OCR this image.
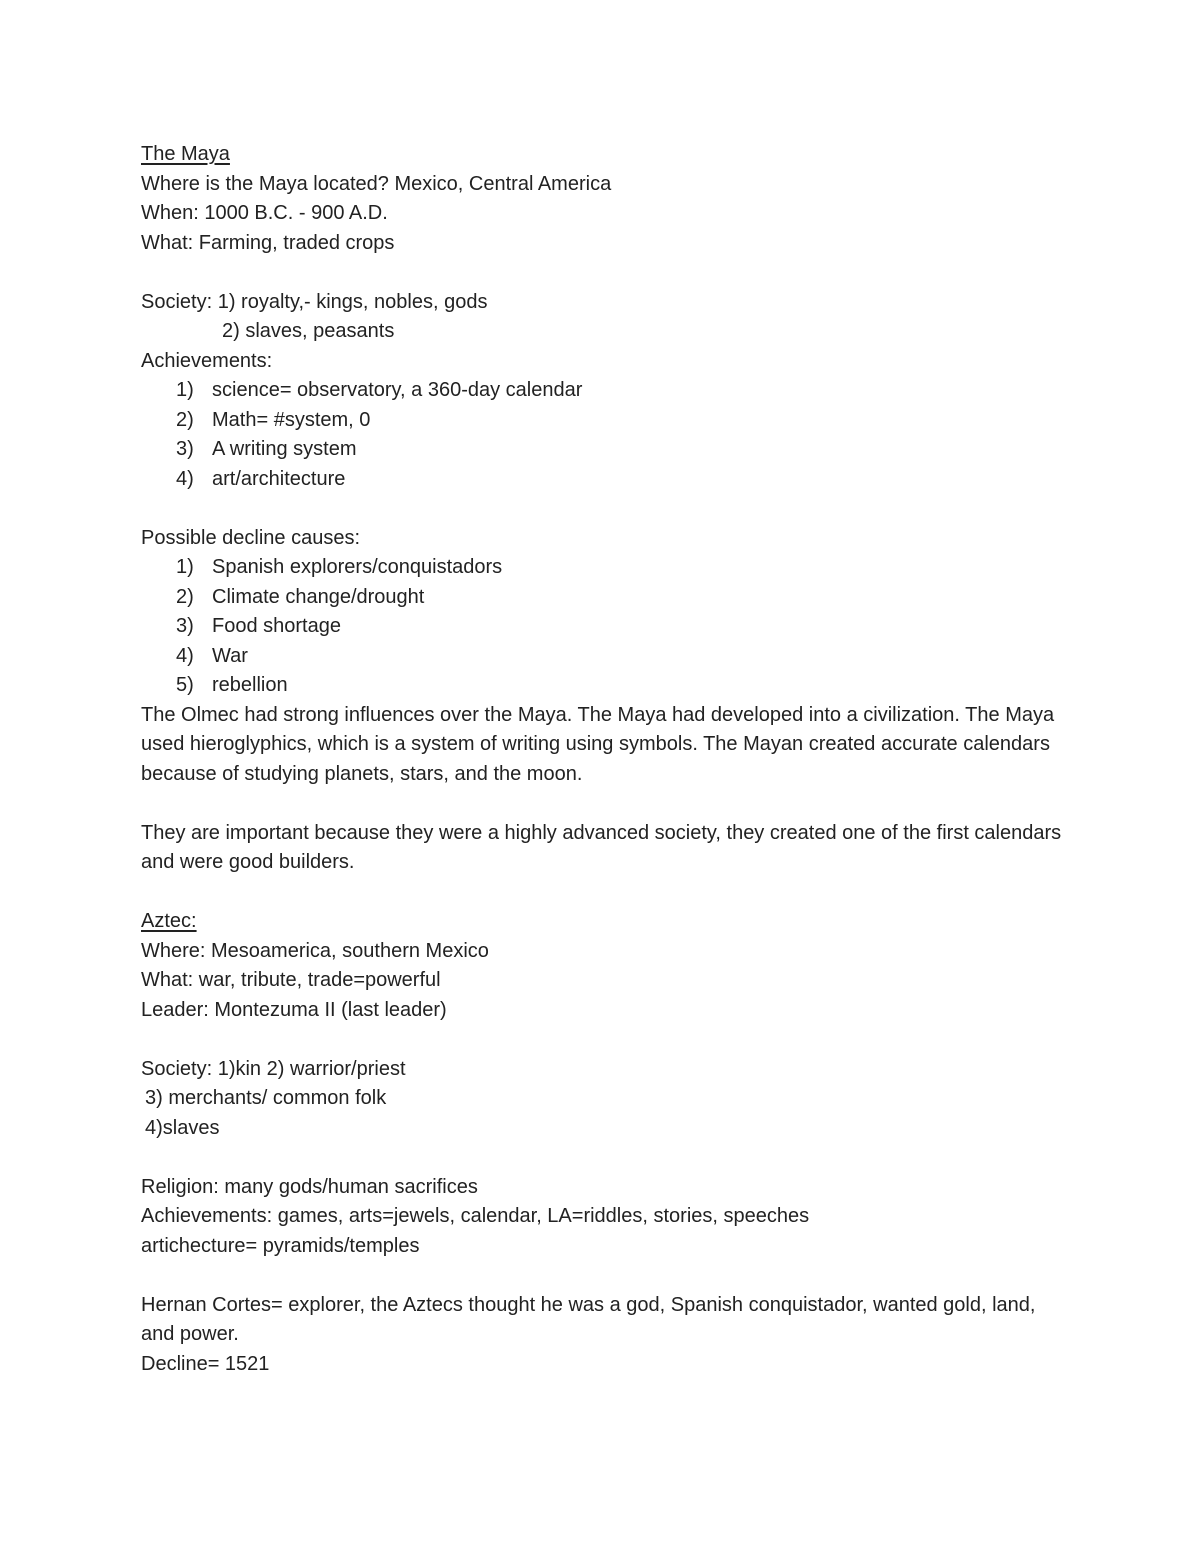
The Maya
Where is the Maya located? Mexico, Central America
When: 1000 B.C. - 900 A.D.
What: Farming, traded crops
Society: 1) royalty,- kings, nobles, gods
2) slaves, peasants
Achievements:
1) science= observatory, a 360-day calendar
2) Math= #system, 0
3) A writing system
4) art/architecture
Possible decline causes:
1) Spanish explorers/conquistadors
2) Climate change/drought
3) Food shortage
4) War
5) rebellion
The Olmec had strong influences over the Maya. The Maya had developed into a civilization. The Maya used hieroglyphics, which is a system of writing using symbols. The Mayan created accurate calendars because of studying planets, stars, and the moon.
They are important because they were a highly advanced society, they created one of the first calendars and were good builders.
Aztec:
Where: Mesoamerica, southern Mexico
What: war, tribute, trade=powerful
Leader: Montezuma II (last leader)
Society: 1)kin 2) warrior/priest
3) merchants/ common folk
4)slaves
Religion: many gods/human sacrifices
Achievements: games, arts=jewels, calendar, LA=riddles, stories, speeches
artichecture= pyramids/temples
Hernan Cortes= explorer, the Aztecs thought he was a god, Spanish conquistador, wanted gold, land, and power.
Decline= 1521
